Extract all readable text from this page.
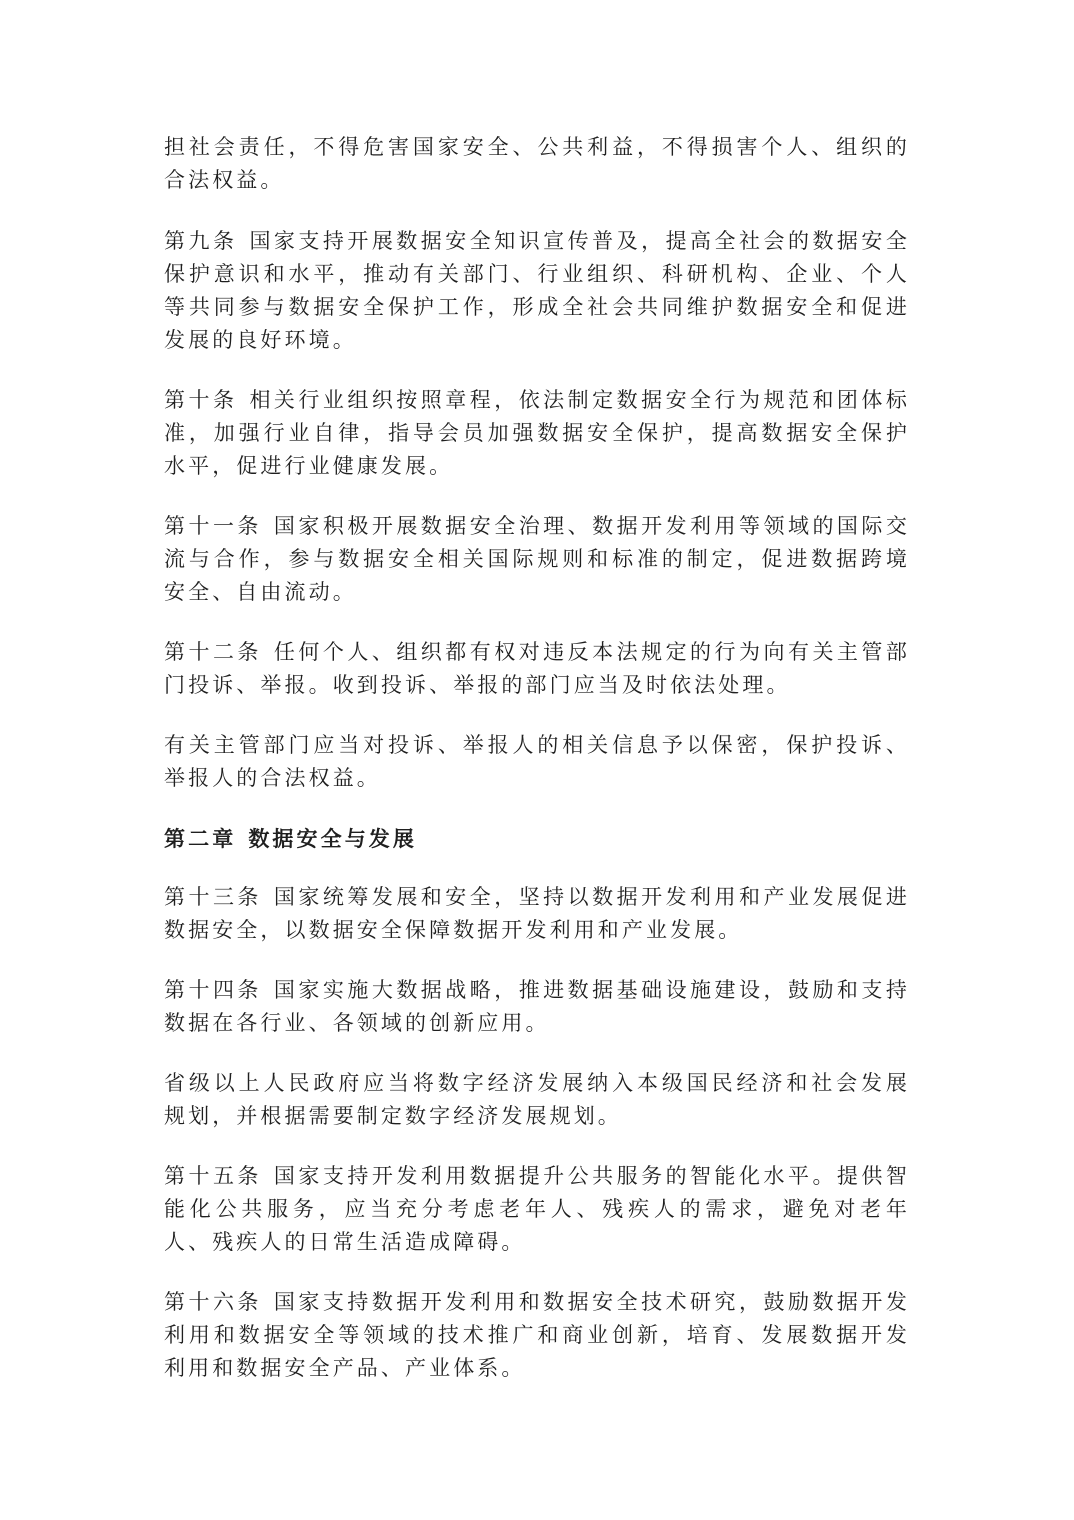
担社会责任，不得危害国家安全、公共利益，不得损害个人、组织的合法权益。

第九条 国家支持开展数据安全知识宣传普及，提高全社会的数据安全保护意识和水平，推动有关部门、行业组织、科研机构、企业、个人等共同参与数据安全保护工作，形成全社会共同维护数据安全和促进发展的良好环境。

第十条 相关行业组织按照章程，依法制定数据安全行为规范和团体标准，加强行业自律，指导会员加强数据安全保护，提高数据安全保护水平，促进行业健康发展。

第十一条 国家积极开展数据安全治理、数据开发利用等领域的国际交流与合作，参与数据安全相关国际规则和标准的制定，促进数据跨境安全、自由流动。

第十二条 任何个人、组织都有权对违反本法规定的行为向有关主管部门投诉、举报。收到投诉、举报的部门应当及时依法处理。

有关主管部门应当对投诉、举报人的相关信息予以保密，保护投诉、举报人的合法权益。

第二章 数据安全与发展

第十三条 国家统筹发展和安全，坚持以数据开发利用和产业发展促进数据安全，以数据安全保障数据开发利用和产业发展。

第十四条 国家实施大数据战略，推进数据基础设施建设，鼓励和支持数据在各行业、各领域的创新应用。

省级以上人民政府应当将数字经济发展纳入本级国民经济和社会发展规划，并根据需要制定数字经济发展规划。

第十五条 国家支持开发利用数据提升公共服务的智能化水平。提供智能化公共服务，应当充分考虑老年人、残疾人的需求，避免对老年人、残疾人的日常生活造成障碍。

第十六条 国家支持数据开发利用和数据安全技术研究，鼓励数据开发利用和数据安全等领域的技术推广和商业创新，培育、发展数据开发利用和数据安全产品、产业体系。
